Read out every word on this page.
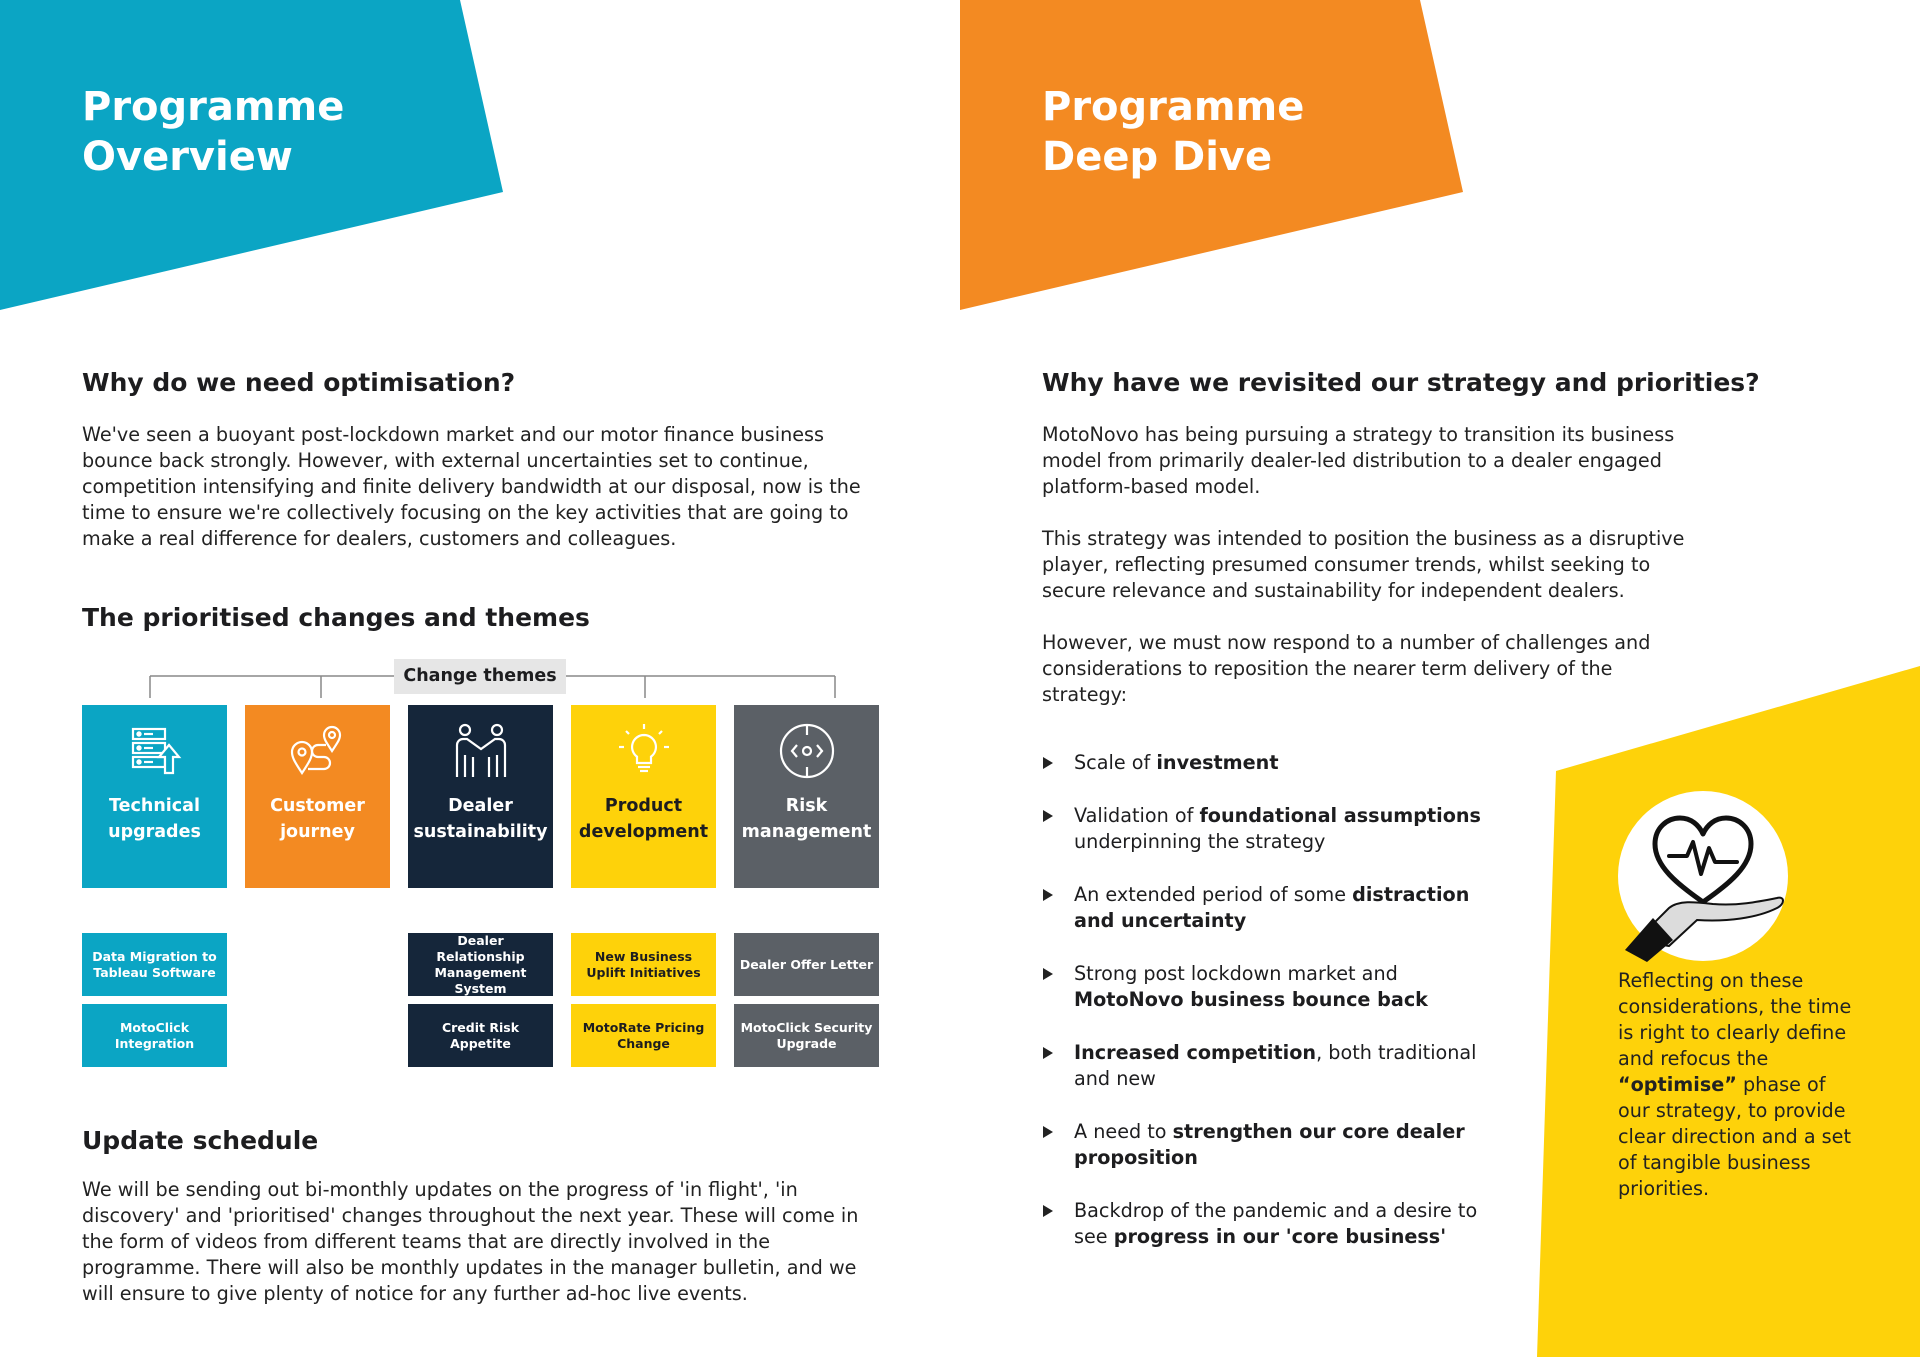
Programme
Overview
Programme
Deep Dive
Why do we need optimisation?
We've seen a buoyant post-lockdown market and our motor finance business bounce back strongly. However, with external uncertainties set to continue, competition intensifying and finite delivery bandwidth at our disposal, now is the time to ensure we're collectively focusing on the key activities that are going to make a real difference for dealers, customers and colleagues.
The prioritised changes and themes
Change themes
Technical
upgrades
Data Migration to Tableau Software
MotoClick Integration
Customer
journey
Dealer
sustainability
Dealer Relationship Management System
Credit Risk Appetite
Product
development
New Business Uplift Initiatives
MotoRate Pricing Change
Risk
management
Dealer Offer Letter
MotoClick Security Upgrade
Update schedule
We will be sending out bi-monthly updates on the progress of 'in flight', 'in discovery' and 'prioritised' changes throughout the next year. These will come in the form of videos from different teams that are directly involved in the programme. There will also be monthly updates in the manager bulletin, and we will ensure to give plenty of notice for any further ad-hoc live events.
Why have we revisited our strategy and priorities?

MotoNovo has being pursuing a strategy to transition its business model from primarily dealer-led distribution to a dealer engaged platform-based model.

This strategy was intended to position the business as a disruptive player, reflecting presumed consumer trends, whilst seeking to secure relevance and sustainability for independent dealers.

However, we must now respond to a number of challenges and considerations to reposition the nearer term delivery of the strategy:

Scale of investment
Validation of foundational assumptions underpinning the strategy
An extended period of some distraction and uncertainty
Strong post lockdown market and MotoNovo business bounce back
Increased competition, both traditional and new
A need to strengthen our core dealer proposition
Backdrop of the pandemic and a desire to see progress in our 'core business'
Reflecting on these considerations, the time is right to clearly define and refocus the “optimise” phase of our strategy, to provide clear direction and a set of tangible business priorities.
